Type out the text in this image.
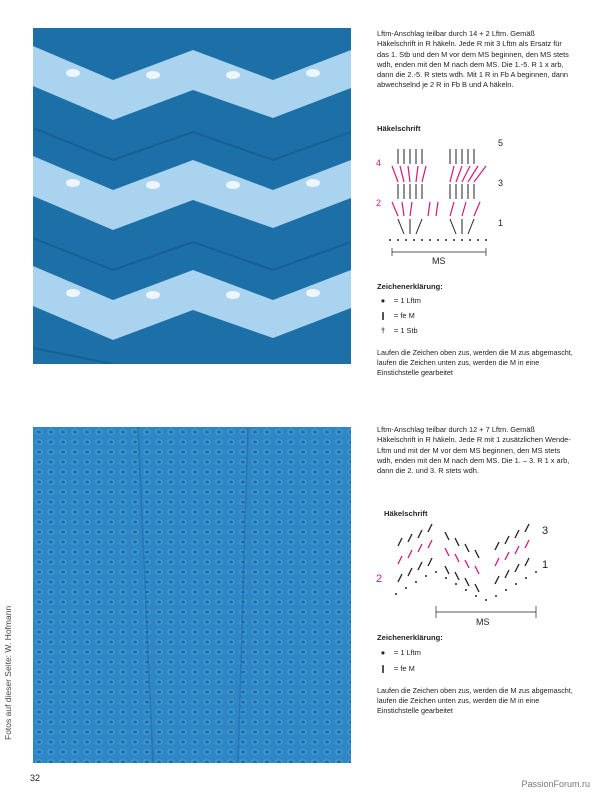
Lftm-Anschlag teilbar durch 14 + 2 Lftm. Gemäß Häkelschrift in R häkeln. Jede R mit 3 Lftm als Ersatz für das 1. Stb und den M vor dem MS beginnen, den MS stets wdh, enden mit den M nach dem MS. Die 1.-5. R 1 x arb, dann die 2.-5. R stets wdh. Mit 1 R in Fb A beginnen, dann abwechselnd je 2 R in Fb B und A häkeln.
Häkelschrift
MS
5
4
3
2
1
Zeichenerklärung:
●	= 1 Lftm
❙ = fe M
†	= 1 Stb
Laufen die Zeichen oben zus, werden die M zus abgemascht, laufen die Zeichen unten zus, werden die M in eine Einstichstelle gearbeitet
Lftm-Anschlag teilbar durch 12 + 7 Lftm. Gemäß Häkelschrift in R häkeln. Jede R mit 1 zusätzlichen Wende-Lftm und mit der M vor dem MS beginnen, den MS stets wdh, enden mit den M nach dem MS. Die 1. – 3. R 1 x arb, dann die 2. und 3. R stets wdh.
Häkelschrift
MS
3
2
1
Zeichenerklärung:
●	= 1 Lftm
❙ = fe M
Laufen die Zeichen oben zus, werden die M zus abgemascht, laufen die Zeichen unten zus, werden die M in eine Einstichstelle gearbeitet
Fotos auf dieser Seite: W. Hofmann
32
PassionForum.ru
